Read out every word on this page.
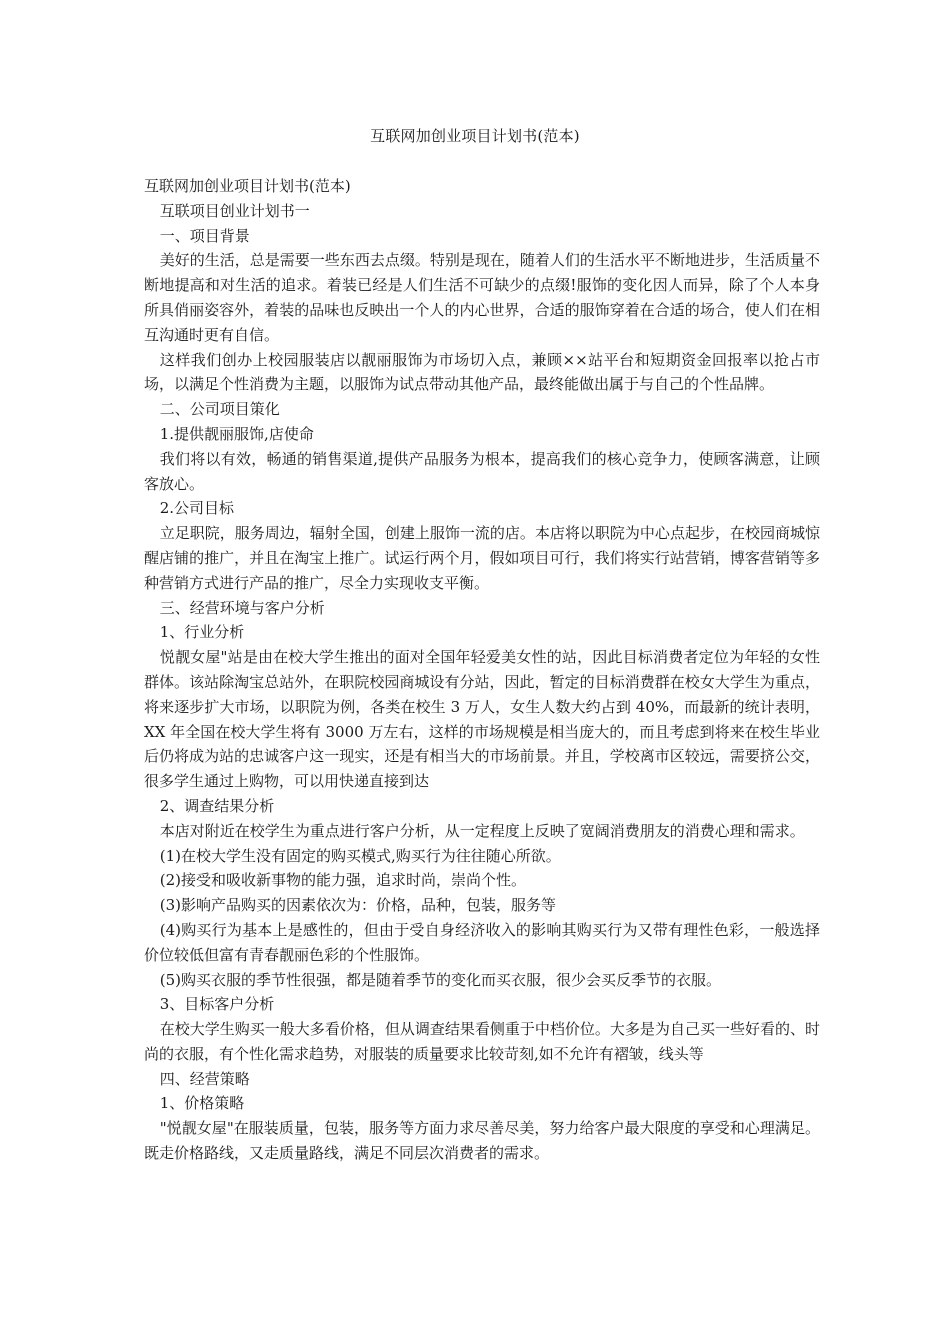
互联网加创业项目计划书(范本)

互联网加创业项目计划书(范本)

互联项目创业计划书一

一、项目背景

美好的生活，总是需要一些东西去点缀。特别是现在，随着人们的生活水平不断地进步，生活质量不断地提高和对生活的追求。着装已经是人们生活不可缺少的点缀!服饰的变化因人而异，除了个人本身所具俏丽姿容外，着装的品味也反映出一个人的内心世界，合适的服饰穿着在合适的场合，使人们在相互沟通时更有自信。

这样我们创办上校园服装店以靓丽服饰为市场切入点，兼顾××站平台和短期资金回报率以抢占市场，以满足个性消费为主题，以服饰为试点带动其他产品，最终能做出属于与自己的个性品牌。

二、公司项目策化

1.提供靓丽服饰,店使命

我们将以有效，畅通的销售渠道,提供产品服务为根本，提高我们的核心竞争力，使顾客满意，让顾客放心。

2.公司目标

立足职院，服务周边，辐射全国，创建上服饰一流的店。本店将以职院为中心点起步，在校园商城惊醒店铺的推广，并且在淘宝上推广。试运行两个月，假如项目可行，我们将实行站营销，博客营销等多种营销方式进行产品的推广，尽全力实现收支平衡。

三、经营环境与客户分析

1、行业分析

悦靓女屋"站是由在校大学生推出的面对全国年轻爱美女性的站，因此目标消费者定位为年轻的女性群体。该站除淘宝总站外，在职院校园商城设有分站，因此，暂定的目标消费群在校女大学生为重点，将来逐步扩大市场，以职院为例，各类在校生 3 万人，女生人数大约占到 40%，而最新的统计表明，XX 年全国在校大学生将有 3000 万左右，这样的市场规模是相当庞大的，而且考虑到将来在校生毕业后仍将成为站的忠诚客户这一现实，还是有相当大的市场前景。并且，学校离市区较远，需要挤公交，很多学生通过上购物，可以用快递直接到达

2、调查结果分析

本店对附近在校学生为重点进行客户分析，从一定程度上反映了宽阔消费朋友的消费心理和需求。

(1)在校大学生没有固定的购买模式,购买行为往往随心所欲。

(2)接受和吸收新事物的能力强，追求时尚，崇尚个性。

(3)影响产品购买的因素依次为：价格，品种，包装，服务等

(4)购买行为基本上是感性的，但由于受自身经济收入的影响其购买行为又带有理性色彩，一般选择价位较低但富有青春靓丽色彩的个性服饰。

(5)购买衣服的季节性很强，都是随着季节的变化而买衣服，很少会买反季节的衣服。

3、目标客户分析

在校大学生购买一般大多看价格，但从调查结果看侧重于中档价位。大多是为自己买一些好看的、时尚的衣服，有个性化需求趋势，对服装的质量要求比较苛刻,如不允许有褶皱，线头等

四、经营策略

1、价格策略

"悦靓女屋"在服装质量，包装，服务等方面力求尽善尽美，努力给客户最大限度的享受和心理满足。既走价格路线，又走质量路线，满足不同层次消费者的需求。
